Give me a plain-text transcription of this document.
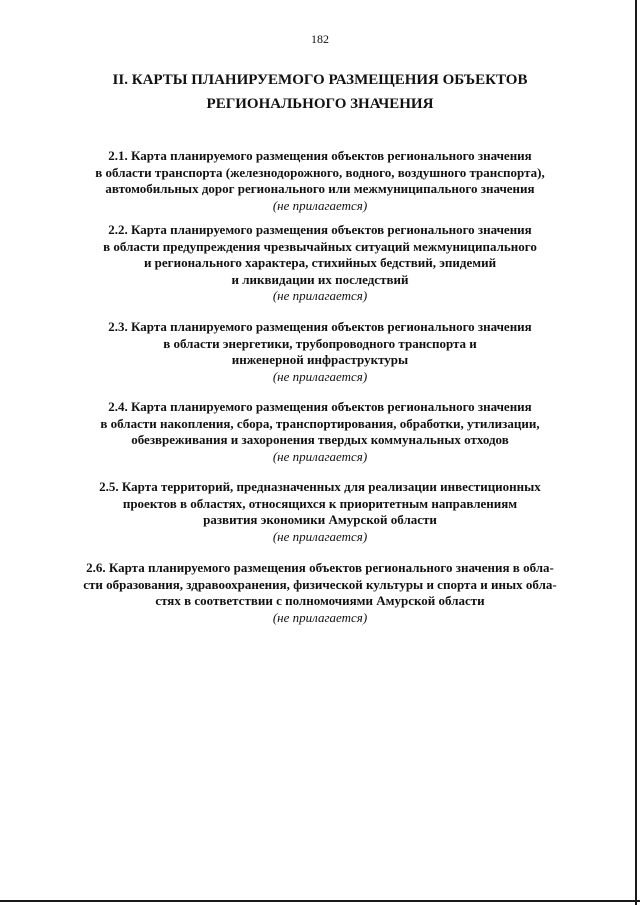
182
II. КАРТЫ ПЛАНИРУЕМОГО РАЗМЕЩЕНИЯ ОБЪЕКТОВ
РЕГИОНАЛЬНОГО ЗНАЧЕНИЯ
2.1. Карта планируемого размещения объектов регионального значения
в области транспорта (железнодорожного, водного, воздушного транспорта),
автомобильных дорог регионального или межмуниципального значения
(не прилагается)
2.2. Карта планируемого размещения объектов регионального значения
в области предупреждения чрезвычайных ситуаций межмуниципального
и регионального характера, стихийных бедствий, эпидемий
и ликвидации их последствий
(не прилагается)
2.3. Карта планируемого размещения объектов регионального значения
в области энергетики, трубопроводного транспорта и
инженерной инфраструктуры
(не прилагается)
2.4. Карта планируемого размещения объектов регионального значения
в области накопления, сбора, транспортирования, обработки, утилизации,
обезвреживания и захоронения твердых коммунальных отходов
(не прилагается)
2.5. Карта территорий, предназначенных для реализации инвестиционных
проектов в областях, относящихся к приоритетным направлениям
развития экономики Амурской области
(не прилагается)
2.6. Карта планируемого размещения объектов регионального значения в обла-
сти образования, здравоохранения, физической культуры и спорта и иных обла-
стях в соответствии с полномочиями Амурской области
(не прилагается)
